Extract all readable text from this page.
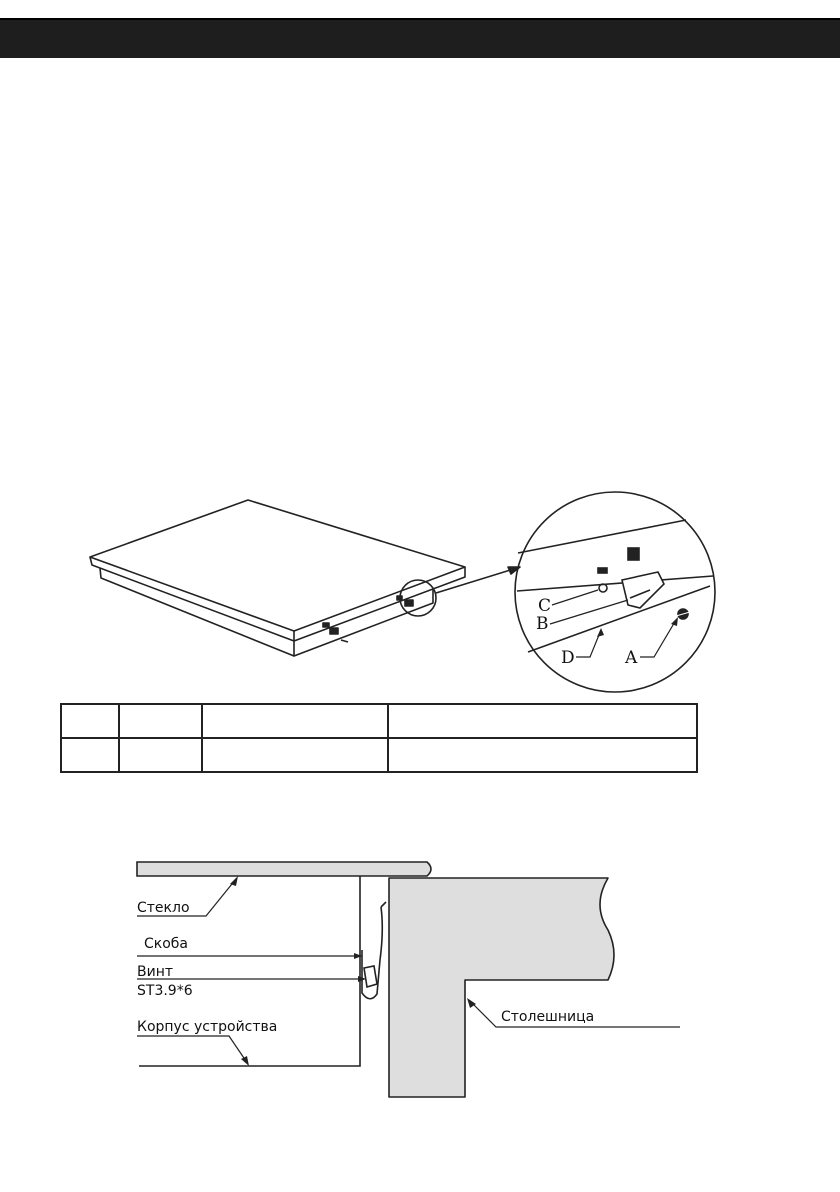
C
B
D	A
Стекло
Скоба
Винт
ST3.9*6
Корпус устройства
Столешница
